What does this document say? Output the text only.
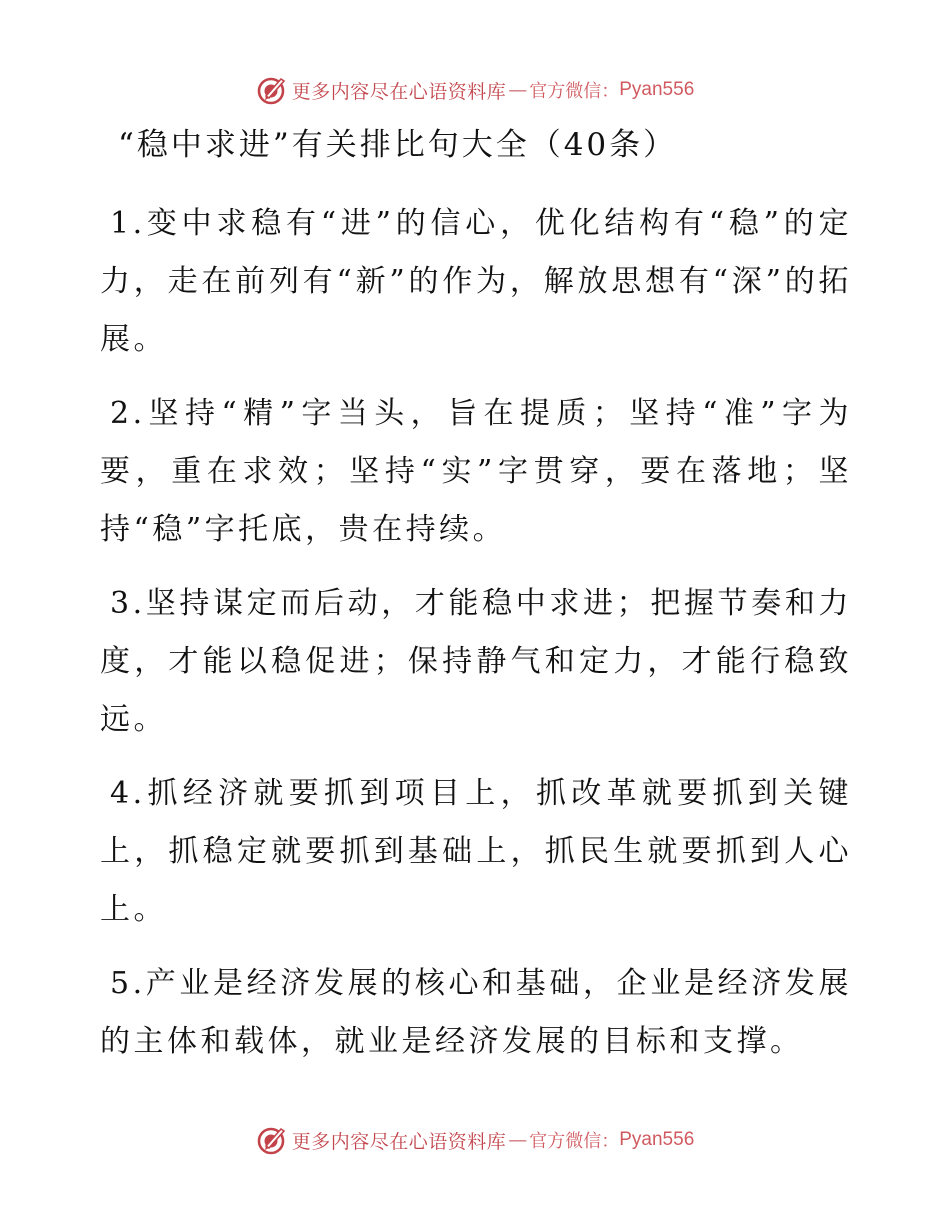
更多内容尽在心语资料库 — 官方微信： Pyan556
“稳中求进”有关排比句大全（40条）

1.变中求稳有“进”的信心，优化结构有“稳”的定力，走在前列有“新”的作为，解放思想有“深”的拓展。

2.坚持“精”字当头，旨在提质；坚持“准”字为要，重在求效；坚持“实”字贯穿，要在落地；坚持“稳”字托底，贵在持续。

3.坚持谋定而后动，才能稳中求进；把握节奏和力度，才能以稳促进；保持静气和定力，才能行稳致远。

4.抓经济就要抓到项目上，抓改革就要抓到关键上，抓稳定就要抓到基础上，抓民生就要抓到人心上。

5.产业是经济发展的核心和基础，企业是经济发展的主体和载体，就业是经济发展的目标和支撑。

更多内容尽在心语资料库 — 官方微信： Pyan556
